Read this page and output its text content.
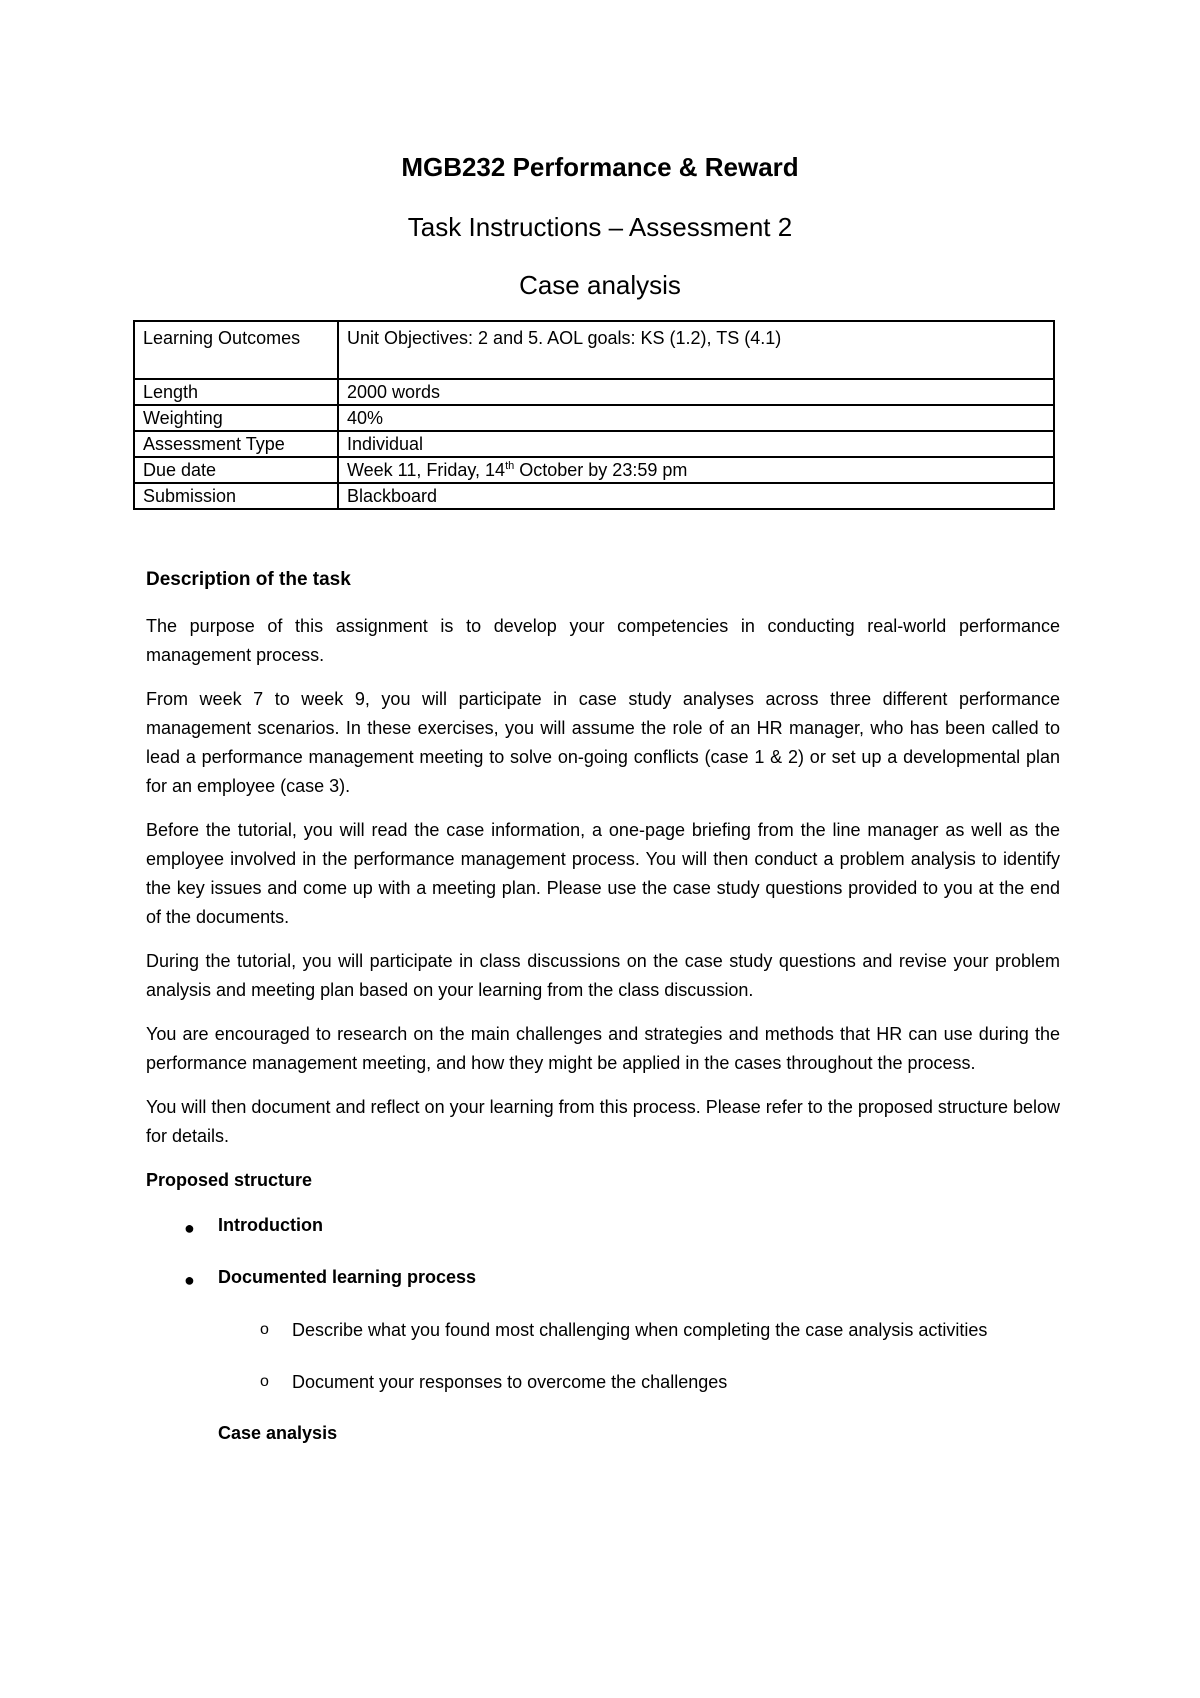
MGB232 Performance & Reward
Task Instructions – Assessment 2
Case analysis
Learning Outcomes	Unit Objectives: 2 and 5. AOL goals: KS (1.2), TS (4.1)
Length	2000 words
Weighting	40%
Assessment Type	Individual
Due date	Week 11, Friday, 14th October by 23:59 pm
Submission	Blackboard
Description of the task

The purpose of this assignment is to develop your competencies in conducting real-world performance management process.

From week 7 to week 9, you will participate in case study analyses across three different performance management scenarios. In these exercises, you will assume the role of an HR manager, who has been called to lead a performance management meeting to solve on-going conflicts (case 1 & 2) or set up a developmental plan for an employee (case 3).

Before the tutorial, you will read the case information, a one-page briefing from the line manager as well as the employee involved in the performance management process. You will then conduct a problem analysis to identify the key issues and come up with a meeting plan. Please use the case study questions provided to you at the end of the documents.

During the tutorial, you will participate in class discussions on the case study questions and revise your problem analysis and meeting plan based on your learning from the class discussion.

You are encouraged to research on the main challenges and strategies and methods that HR can use during the performance management meeting, and how they might be applied in the cases throughout the process.

You will then document and reflect on your learning from this process. Please refer to the proposed structure below for details.

Proposed structure
● Introduction
● Documented learning process
o Describe what you found most challenging when completing the case analysis activities
o Document your responses to overcome the challenges
Case analysis
